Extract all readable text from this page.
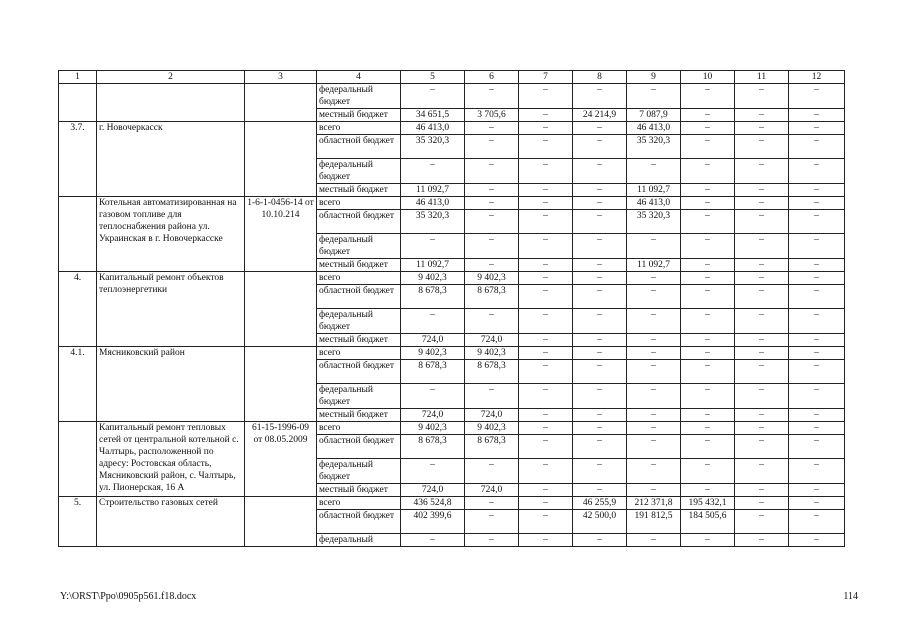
1	2	3	4	5	6	7	8	9	10	11	12
			федеральный бюджет	–	–	–	–	–	–	–	–
			местный бюджет	34 651,5	3 705,6	–	24 214,9	7 087,9	–	–	–
3.7.	г. Новочеркасск		всего	46 413,0	–	–	–	46 413,0	–	–	–
			областной бюджет	35 320,3	–	–	–	35 320,3	–	–	–
			федеральный бюджет	–	–	–	–	–	–	–	–
			местный бюджет	11 092,7	–	–	–	11 092,7	–	–	–
	Котельная автоматизированная на газовом топливе для теплоснабжения района ул. Украинская в г. Новочеркасске	1-6-1-0456-14 от 10.10.214	всего	46 413,0	–	–	–	46 413,0	–	–	–
			областной бюджет	35 320,3	–	–	–	35 320,3	–	–	–
			федеральный бюджет	–	–	–	–	–	–	–	–
			местный бюджет	11 092,7	–	–	–	11 092,7	–	–	–
4.	Капитальный ремонт объектов теплоэнергетики		всего	9 402,3	9 402,3	–	–	–	–	–	–
			областной бюджет	8 678,3	8 678,3	–	–	–	–	–	–
			федеральный бюджет	–	–	–	–	–	–	–	–
			местный бюджет	724,0	724,0	–	–	–	–	–	–
4.1.	Мясниковский район		всего	9 402,3	9 402,3	–	–	–	–	–	–
			областной бюджет	8 678,3	8 678,3	–	–	–	–	–	–
			федеральный бюджет	–	–	–	–	–	–	–	–
			местный бюджет	724,0	724,0	–	–	–	–	–	–
	Капитальный ремонт тепловых сетей от центральной котельной с. Чалтырь, расположенной по адресу: Ростовская область, Мясниковский район, с. Чалтырь, ул. Пионерская, 16 А	61-15-1996-09 от 08.05.2009	всего	9 402,3	9 402,3	–	–	–	–	–	–
			областной бюджет	8 678,3	8 678,3	–	–	–	–	–	–
			федеральный бюджет	–	–	–	–	–	–	–	–
			местный бюджет	724,0	724,0	–	–	–	–	–	–
5.	Строительство газовых сетей		всего	436 524,8	–	–	46 255,9	212 371,8	195 432,1	–	–
			областной бюджет	402 399,6	–	–	42 500,0	191 812,5	184 505,6	–	–
			федеральный	–	–	–	–	–	–	–	–
Y:\ORST\Ppo\0905p561.f18.docx	114
